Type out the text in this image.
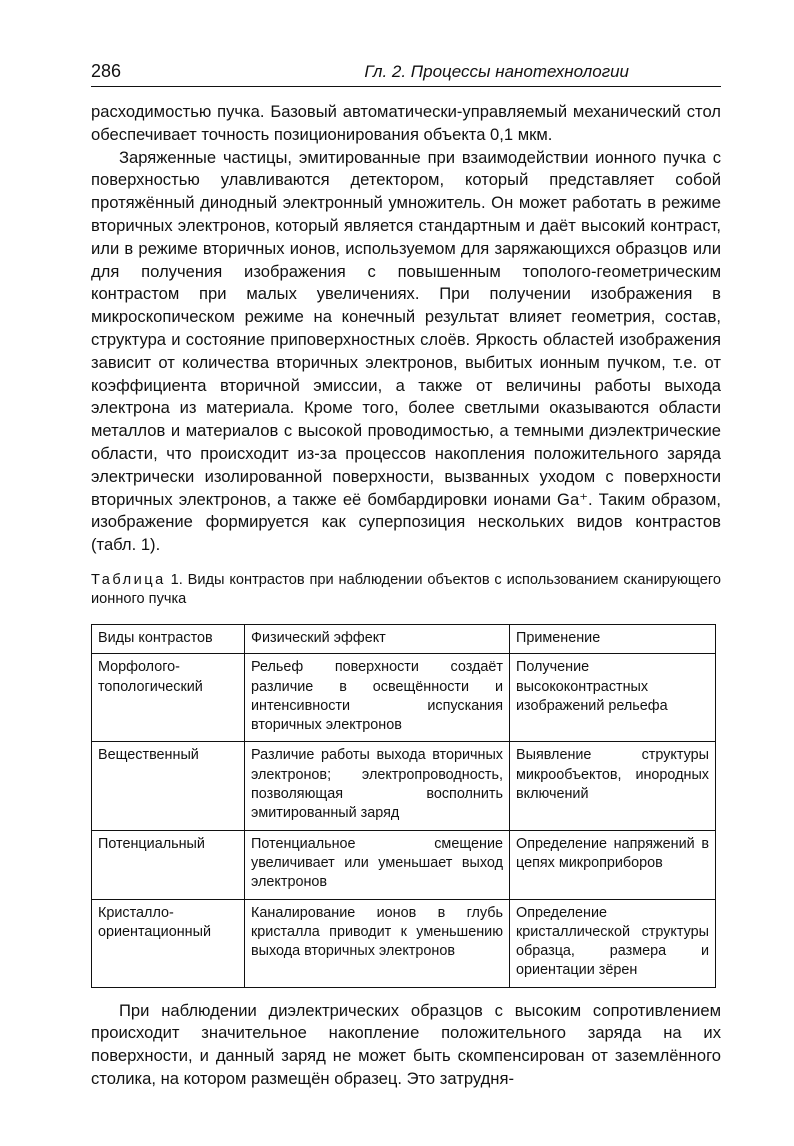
286	Гл. 2. Процессы нанотехнологии

расходимостью пучка. Базовый автоматически-управляемый механический стол обеспечивает точность позиционирования объекта 0,1 мкм.

Заряженные частицы, эмитированные при взаимодействии ионного пучка с поверхностью улавливаются детектором, который представляет собой протяжённый динодный электронный умножитель. Он может работать в режиме вторичных электронов, который является стандартным и даёт высокий контраст, или в режиме вторичных ионов, используемом для заряжающихся образцов или для получения изображения с повышенным тополого-геометрическим контрастом при малых увеличениях. При получении изображения в микроскопическом режиме на конечный результат влияет геометрия, состав, структура и состояние приповерхностных слоёв. Яркость областей изображения зависит от количества вторичных электронов, выбитых ионным пучком, т.е. от коэффициента вторичной эмиссии, а также от величины работы выхода электрона из материала. Кроме того, более светлыми оказываются области металлов и материалов с высокой проводимостью, а темными диэлектрические области, что происходит из-за процессов накопления положительного заряда электрически изолированной поверхности, вызванных уходом с поверхности вторичных электронов, а также её бомбардировки ионами Ga⁺. Таким образом, изображение формируется как суперпозиция нескольких видов контрастов (табл. 1).

Таблица 1. Виды контрастов при наблюдении объектов с использованием сканирующего ионного пучка
Виды контрастов	Физический эффект	Применение
Морфолого-топологический	Рельеф поверхности создаёт различие в освещённости и интенсивности испускания вторичных электронов	Получение высококонтрастных изображений рельефа
Вещественный	Различие работы выхода вторичных электронов; электропроводность, позволяющая восполнить эмитированный заряд	Выявление структуры микрообъектов, инородных включений
Потенциальный	Потенциальное смещение увеличивает или уменьшает выход электронов	Определение напряжений в цепях микроприборов
Кристалло-ориентационный	Каналирование ионов в глубь кристалла приводит к уменьшению выхода вторичных электронов	Определение кристаллической структуры образца, размера и ориентации зёрен

При наблюдении диэлектрических образцов с высоким сопротивлением происходит значительное накопление положительного заряда на их поверхности, и данный заряд не может быть скомпенсирован от заземлённого столика, на котором размещён образец. Это затрудня-
